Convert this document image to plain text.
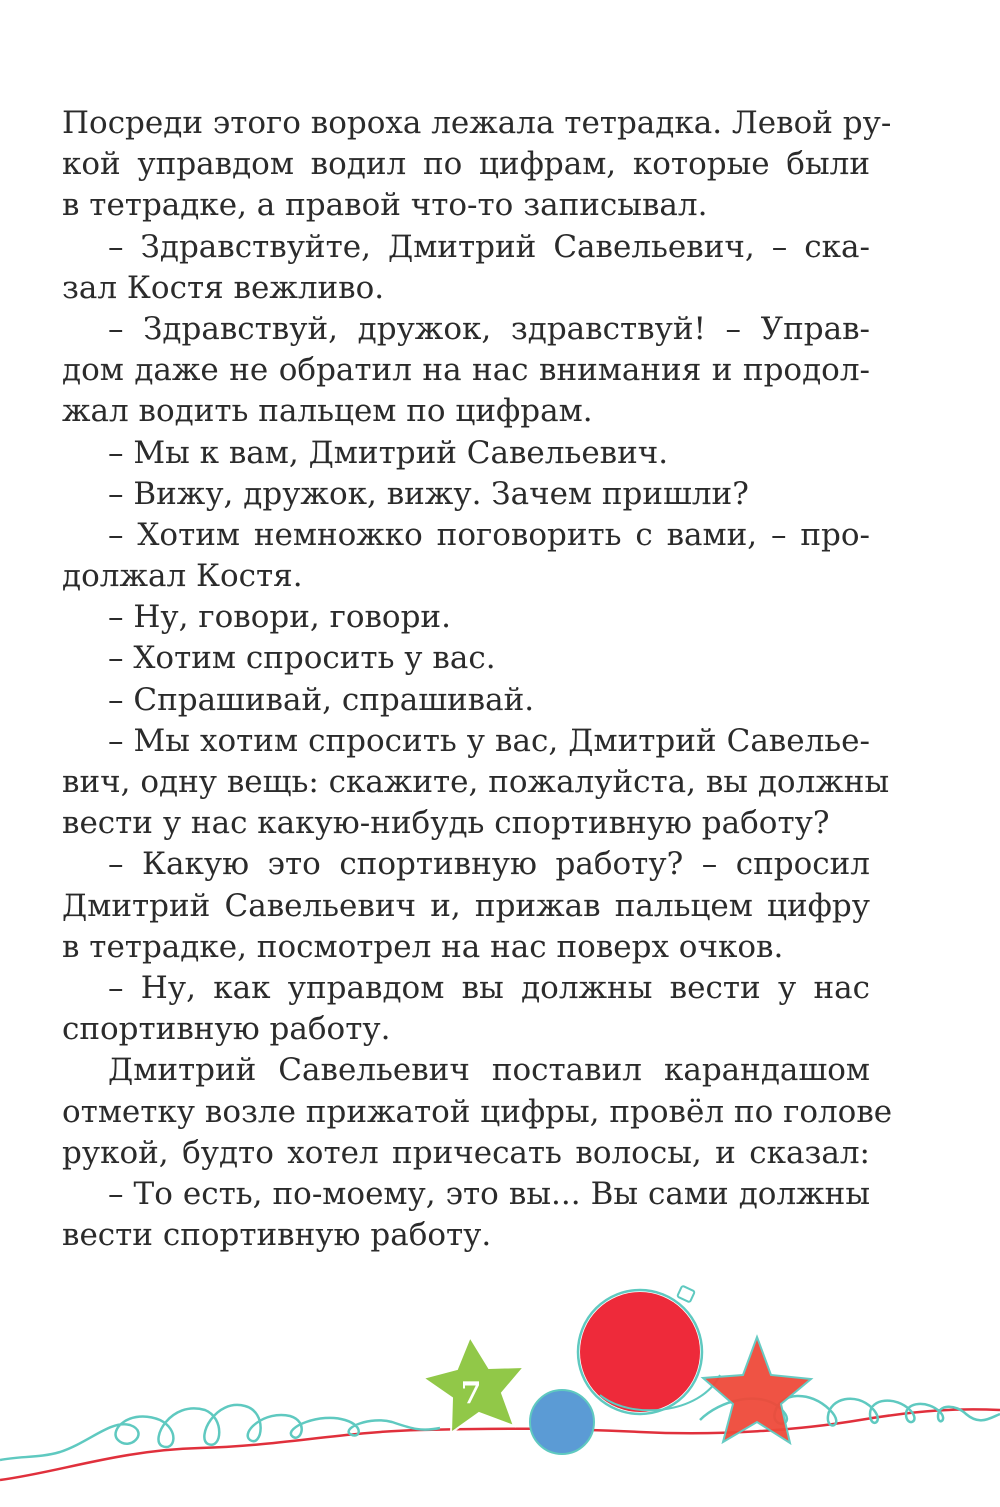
Посреди этого вороха лежала тетрадка. Левой ру-
кой управдом водил по цифрам, которые были
в тетрадке, а правой что-то записывал.
– Здравствуйте, Дмитрий Савельевич, – ска-
зал Костя вежливо.
– Здравствуй, дружок, здравствуй! – Управ-
дом даже не обратил на нас внимания и продол-
жал водить пальцем по цифрам.
– Мы к вам, Дмитрий Савельевич.
– Вижу, дружок, вижу. Зачем пришли?
– Хотим немножко поговорить с вами, – про-
должал Костя.
– Ну, говори, говори.
– Хотим спросить у вас.
– Спрашивай, спрашивай.
– Мы хотим спросить у вас, Дмитрий Савелье-
вич, одну вещь: скажите, пожалуйста, вы должны
вести у нас какую-нибудь спортивную работу?
– Какую это спортивную работу? – спросил
Дмитрий Савельевич и, прижав пальцем цифру
в тетрадке, посмотрел на нас поверх очков.
– Ну, как управдом вы должны вести у нас
спортивную работу.
Дмитрий Савельевич поставил карандашом
отметку возле прижатой цифры, провёл по голове
рукой, будто хотел причесать волосы, и сказал:
– То есть, по-моему, это вы... Вы сами должны
вести спортивную работу.
7
